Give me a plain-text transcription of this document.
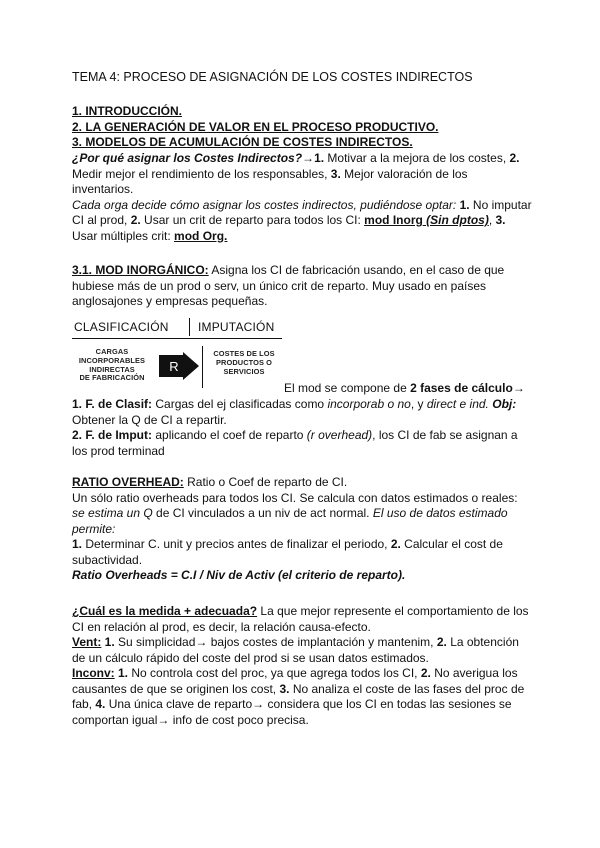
TEMA 4: PROCESO DE ASIGNACIÓN DE LOS COSTES INDIRECTOS
1. INTRODUCCIÓN.
2. LA GENERACIÓN DE VALOR EN EL PROCESO PRODUCTIVO.
3. MODELOS DE ACUMULACIÓN DE COSTES INDIRECTOS.
¿Por qué asignar los Costes Indirectos?→1. Motivar a la mejora de los costes, 2. Medir mejor el rendimiento de los responsables, 3. Mejor valoración de los inventarios.
Cada orga decide cómo asignar los costes indirectos, pudiéndose optar: 1. No imputar CI al prod, 2. Usar un crit de reparto para todos los CI: mod Inorg (Sin dptos), 3. Usar múltiples crit: mod Org.
3.1. MOD INORGÁNICO: Asigna los CI de fabricación usando, en el caso de que hubiese más de un prod o serv, un único crit de reparto. Muy usado en países anglosajones y empresas pequeñas.
CLASIFICACIÓN IMPUTACIÓN
CARGAS
INCORPORABLES
INDIRECTAS
DE FABRICACIÓN
R
COSTES DE LOS
PRODUCTOS O
SERVICIOS
El mod se compone de 2 fases de cálculo→
1. F. de Clasif: Cargas del ej clasificadas como incorporab o no, y direct e ind. Obj: Obtener la Q de CI a repartir.
2. F. de Imput: aplicando el coef de reparto (r overhead), los CI de fab se asignan a los prod terminad
RATIO OVERHEAD: Ratio o Coef de reparto de CI.
Un sólo ratio overheads para todos los CI. Se calcula con datos estimados o reales: se estima un Q de CI vinculados a un niv de act normal. El uso de datos estimado permite:
1. Determinar C. unit y precios antes de finalizar el periodo, 2. Calcular el cost de subactividad.
Ratio Overheads = C.I / Niv de Activ (el criterio de reparto).
¿Cuál es la medida + adecuada? La que mejor represente el comportamiento de los CI en relación al prod, es decir, la relación causa-efecto.
Vent: 1. Su simplicidad→ bajos costes de implantación y mantenim, 2. La obtención de un cálculo rápido del coste del prod si se usan datos estimados.
Inconv: 1. No controla cost del proc, ya que agrega todos los CI, 2. No averigua los causantes de que se originen los cost, 3. No analiza el coste de las fases del proc de fab, 4. Una única clave de reparto→ considera que los CI en todas las sesiones se comportan igual→ info de cost poco precisa.
